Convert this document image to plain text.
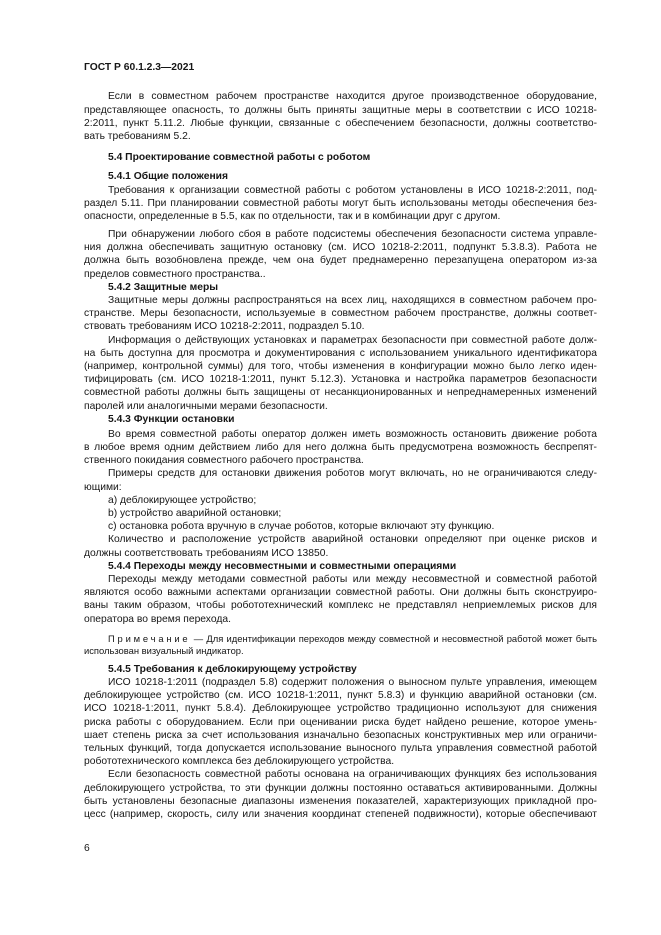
ГОСТ Р 60.1.2.3—2021
Если в совместном рабочем пространстве находится другое производственное оборудование,
представляющее опасность, то должны быть приняты защитные меры в соответствии с ИСО 10218-
2:2011, пункт 5.11.2. Любые функции, связанные с обеспечением безопасности, должны соответство-
вать требованиям 5.2.
5.4 Проектирование совместной работы с роботом
5.4.1 Общие положения
Требования к организации совместной работы с роботом установлены в ИСО 10218-2:2011, под-
раздел 5.11. При планировании совместной работы могут быть использованы методы обеспечения без-
опасности, определенные в 5.5, как по отдельности, так и в комбинации друг с другом.
При обнаружении любого сбоя в работе подсистемы обеспечения безопасности система управле-
ния должна обеспечивать защитную остановку (см. ИСО 10218-2:2011, подпункт 5.3.8.3). Работа не
должна быть возобновлена прежде, чем она будет преднамеренно перезапущена оператором из-за
пределов совместного пространства..
5.4.2 Защитные меры
Защитные меры должны распространяться на всех лиц, находящихся в совместном рабочем про-
странстве. Меры безопасности, используемые в совместном рабочем пространстве, должны соответ-
ствовать требованиям ИСО 10218-2:2011, подраздел 5.10.
Информация о действующих установках и параметрах безопасности при совместной работе долж-
на быть доступна для просмотра и документирования с использованием уникального идентификатора
(например, контрольной суммы) для того, чтобы изменения в конфигурации можно было легко иден-
тифицировать (см. ИСО 10218-1:2011, пункт 5.12.3). Установка и настройка параметров безопасности
совместной работы должны быть защищены от несанкционированных и непреднамеренных изменений
паролей или аналогичными мерами безопасности.
5.4.3 Функции остановки
Во время совместной работы оператор должен иметь возможность остановить движение робота
в любое время одним действием либо для него должна быть предусмотрена возможность беспрепят-
ственного покидания совместного рабочего пространства.
Примеры средств для остановки движения роботов могут включать, но не ограничиваются следу-
ющими:
a) деблокирующее устройство;
b) устройство аварийной остановки;
c) остановка робота вручную в случае роботов, которые включают эту функцию.
Количество и расположение устройств аварийной остановки определяют при оценке рисков и
должны соответствовать требованиям ИСО 13850.
5.4.4 Переходы между несовместными и совместными операциями
Переходы между методами совместной работы или между несовместной и совместной работой
являются особо важными аспектами организации совместной работы. Они должны быть сконструиро-
ваны таким образом, чтобы робототехнический комплекс не представлял неприемлемых рисков для
оператора во время перехода.
Примечание — Для идентификации переходов между совместной и несовместной работой может быть
использован визуальный индикатор.
5.4.5 Требования к деблокирующему устройству
ИСО 10218-1:2011 (подраздел 5.8) содержит положения о выносном пульте управления, имеющем
деблокирующее устройство (см. ИСО 10218-1:2011, пункт 5.8.3) и функцию аварийной остановки (см.
ИСО 10218-1:2011, пункт 5.8.4). Деблокирующее устройство традиционно используют для снижения
риска работы с оборудованием. Если при оценивании риска будет найдено решение, которое умень-
шает степень риска за счет использования изначально безопасных конструктивных мер или ограничи-
тельных функций, тогда допускается использование выносного пульта управления совместной работой
робототехнического комплекса без деблокирующего устройства.
Если безопасность совместной работы основана на ограничивающих функциях без использования
деблокирующего устройства, то эти функции должны постоянно оставаться активированными. Должны
быть установлены безопасные диапазоны изменения показателей, характеризующих прикладной про-
цесс (например, скорость, силу или значения координат степеней подвижности), которые обеспечивают
6
